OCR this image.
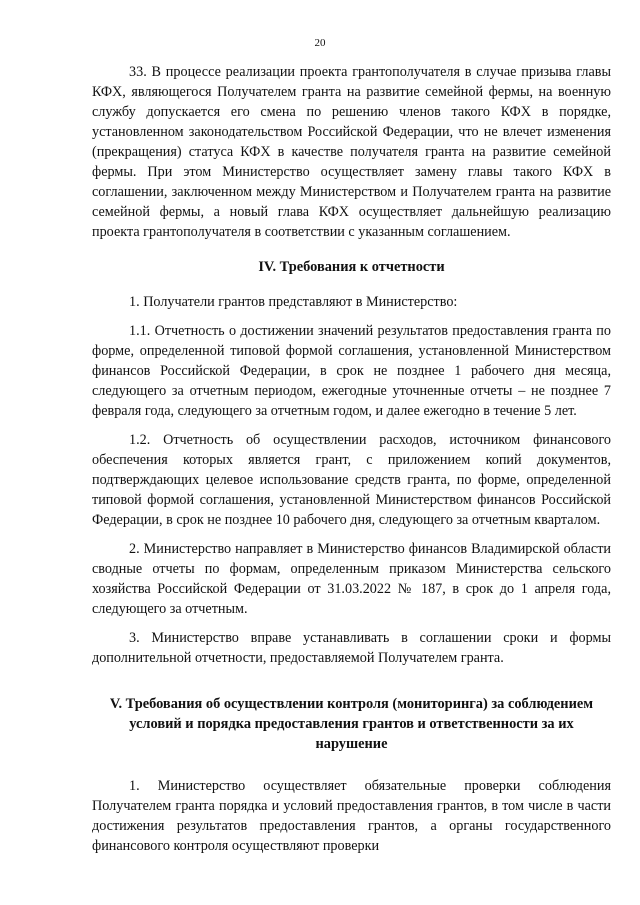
20

33. В процессе реализации проекта грантополучателя в случае призыва главы КФХ, являющегося Получателем гранта на развитие семейной фермы, на военную службу допускается его смена по решению членов такого КФХ в порядке, установленном законодательством Российской Федерации, что не влечет изменения (прекращения) статуса КФХ в качестве получателя гранта на развитие семейной фермы. При этом Министерство осуществляет замену главы такого КФХ в соглашении, заключенном между Министерством и Получателем гранта на развитие семейной фермы, а новый глава КФХ осуществляет дальнейшую реализацию проекта грантополучателя в соответствии с указанным соглашением.

IV. Требования к отчетности

1. Получатели грантов представляют в Министерство:

1.1. Отчетность о достижении значений результатов предоставления гранта по форме, определенной типовой формой соглашения, установленной Министерством финансов Российской Федерации, в срок не позднее 1 рабочего дня месяца, следующего за отчетным периодом, ежегодные уточненные отчеты – не позднее 7 февраля года, следующего за отчетным годом, и далее ежегодно в течение 5 лет.

1.2. Отчетность об осуществлении расходов, источником финансового обеспечения которых является грант, с приложением копий документов, подтверждающих целевое использование средств гранта, по форме, определенной типовой формой соглашения, установленной Министерством финансов Российской Федерации, в срок не позднее 10 рабочего дня, следующего за отчетным кварталом.

2. Министерство направляет в Министерство финансов Владимирской области сводные отчеты по формам, определенным приказом Министерства сельского хозяйства Российской Федерации от 31.03.2022 № 187, в срок до 1 апреля года, следующего за отчетным.

3. Министерство вправе устанавливать в соглашении сроки и формы дополнительной отчетности, предоставляемой Получателем гранта.

V. Требования об осуществлении контроля (мониторинга) за соблюдением условий и порядка предоставления грантов и ответственности за их нарушение

1. Министерство осуществляет обязательные проверки соблюдения Получателем гранта порядка и условий предоставления грантов, в том числе в части достижения результатов предоставления грантов, а органы государственного финансового контроля осуществляют проверки
